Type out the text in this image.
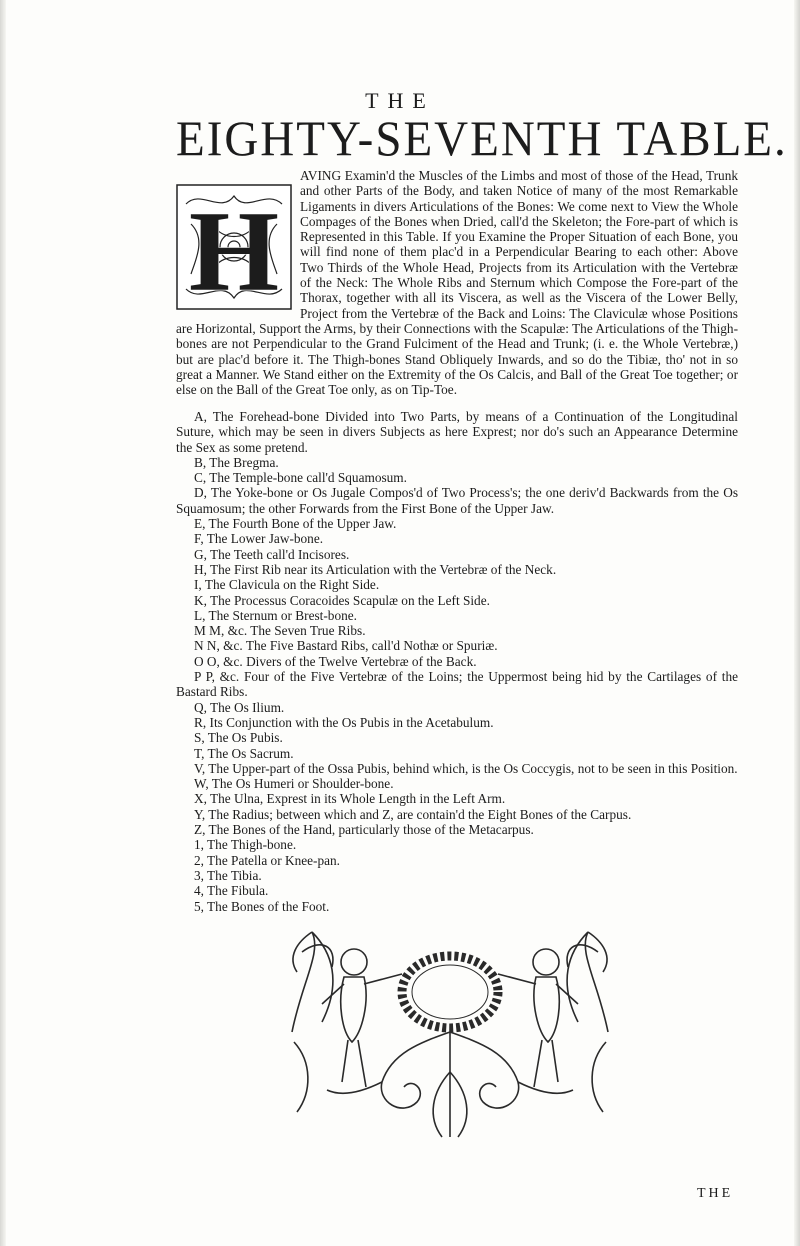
THE
EIGHTY-SEVENTH TABLE.
H
AVING Examin'd the Muscles of the Limbs and most of those of the Head, Trunk and other Parts of the Body, and taken Notice of many of the most Remarkable Ligaments in divers Articulations of the Bones: We come next to View the Whole Compages of the Bones when Dried, call'd the Skeleton; the Fore-part of which is Represented in this Table. If you Examine the Proper Situation of each Bone, you will find none of them plac'd in a Perpendicular Bearing to each other: Above Two Thirds of the Whole Head, Projects from its Articulation with the Vertebræ of the Neck: The Whole Ribs and Sternum which Compose the Fore-part of the Thorax, together with all its Viscera, as well as the Viscera of the Lower Belly, Project from the Vertebræ of the Back and Loins: The Claviculæ whose Positions are Horizontal, Support the Arms, by their Connections with the Scapulæ: The Articulations of the Thigh-bones are not Perpendicular to the Grand Fulciment of the Head and Trunk; (i. e. the Whole Vertebræ,) but are plac'd before it. The Thigh-bones Stand Obliquely Inwards, and so do the Tibiæ, tho' not in so great a Manner. We Stand either on the Extremity of the Os Calcis, and Ball of the Great Toe together; or else on the Ball of the Great Toe only, as on Tip-Toe.
A, The Forehead-bone Divided into Two Parts, by means of a Continuation of the Longitudinal Suture, which may be seen in divers Subjects as here Exprest; nor do's such an Appearance Determine the Sex as some pretend.
B, The Bregma.
C, The Temple-bone call'd Squamosum.
D, The Yoke-bone or Os Jugale Compos'd of Two Process's; the one deriv'd Backwards from the Os Squamosum; the other Forwards from the First Bone of the Upper Jaw.
E, The Fourth Bone of the Upper Jaw.
F, The Lower Jaw-bone.
G, The Teeth call'd Incisores.
H, The First Rib near its Articulation with the Vertebræ of the Neck.
I, The Clavicula on the Right Side.
K, The Processus Coracoides Scapulæ on the Left Side.
L, The Sternum or Brest-bone.
M M, &c. The Seven True Ribs.
N N, &c. The Five Bastard Ribs, call'd Nothæ or Spuriæ.
O O, &c. Divers of the Twelve Vertebræ of the Back.
P P, &c. Four of the Five Vertebræ of the Loins; the Uppermost being hid by the Cartilages of the Bastard Ribs.
Q, The Os Ilium.
R, Its Conjunction with the Os Pubis in the Acetabulum.
S, The Os Pubis.
T, The Os Sacrum.
V, The Upper-part of the Ossa Pubis, behind which, is the Os Coccygis, not to be seen in this Position.
W, The Os Humeri or Shoulder-bone.
X, The Ulna, Exprest in its Whole Length in the Left Arm.
Y, The Radius; between which and Z, are contain'd the Eight Bones of the Carpus.
Z, The Bones of the Hand, particularly those of the Metacarpus.
1, The Thigh-bone.
2, The Patella or Knee-pan.
3, The Tibia.
4, The Fibula.
5, The Bones of the Foot.
THE
